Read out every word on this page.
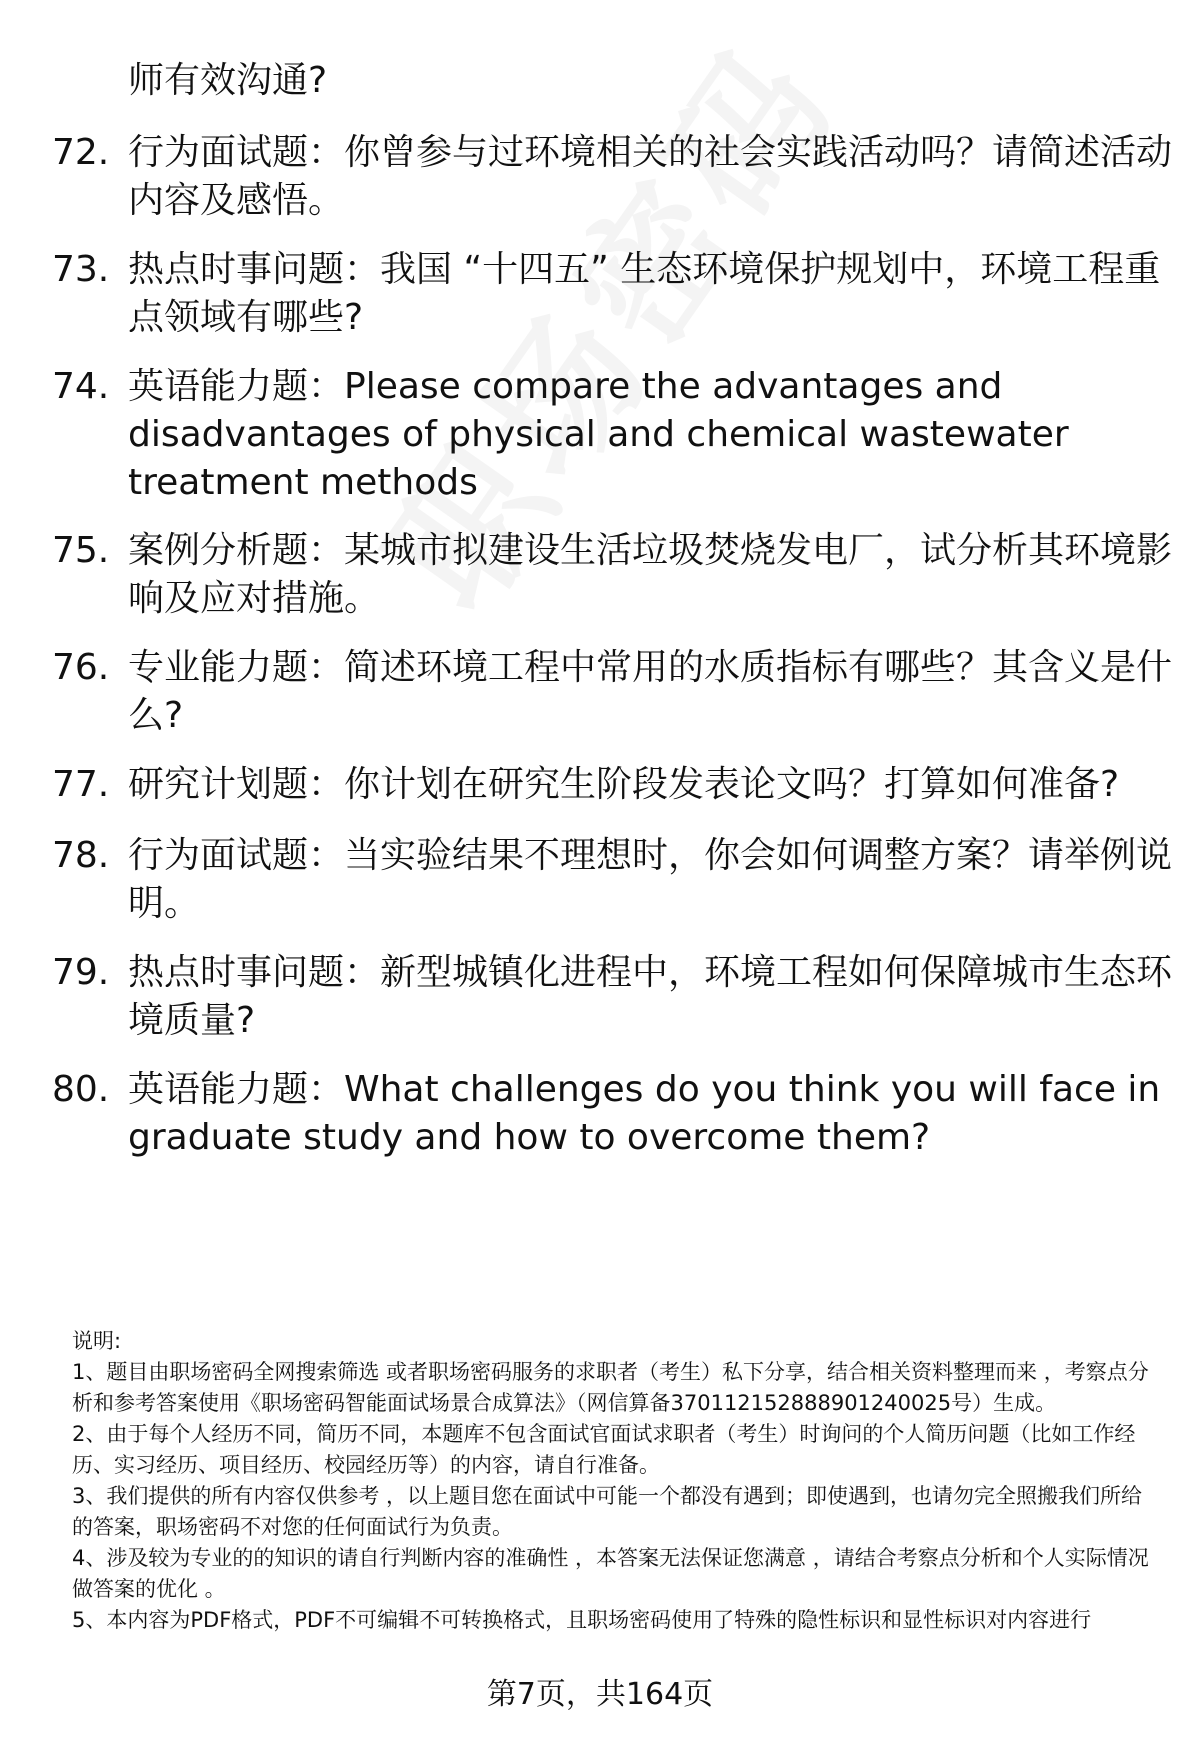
师有效沟通?
72. 行为面试题：你曾参与过环境相关的社会实践活动吗？请简述活动内容及感悟。
73. 热点时事问题：我国 “十四五” 生态环境保护规划中，环境工程重点领域有哪些?
74. 英语能力题：Please compare the advantages and disadvantages of physical and chemical wastewater treatment methods
75. 案例分析题：某城市拟建设生活垃圾焚烧发电厂，试分析其环境影响及应对措施。
76. 专业能力题：简述环境工程中常用的水质指标有哪些？其含义是什么?
77. 研究计划题：你计划在研究生阶段发表论文吗？打算如何准备?
78. 行为面试题：当实验结果不理想时，你会如何调整方案？请举例说明。
79. 热点时事问题：新型城镇化进程中，环境工程如何保障城市生态环境质量?
80. 英语能力题：What challenges do you think you will face in graduate study and how to overcome them?

说明:

1、题目由职场密码全网搜索筛选 或者职场密码服务的求职者（考生）私下分享，结合相关资料整理而来 ，考察点分析和参考答案使用《职场密码智能面试场景合成算法》（网信算备370112152888901240025号）生成。

2、由于每个人经历不同，简历不同，本题库不包含面试官面试求职者（考生）时询问的个人简历问题（比如工作经历、实习经历、项目经历、校园经历等）的内容，请自行准备。

3、我们提供的所有内容仅供参考 ，以上题目您在面试中可能一个都没有遇到；即使遇到，也请勿完全照搬我们所给的答案，职场密码不对您的任何面试行为负责。

4、涉及较为专业的的知识的请自行判断内容的准确性 ，本答案无法保证您满意 ，请结合考察点分析和个人实际情况做答案的优化 。

5、本内容为PDF格式，PDF不可编辑不可转换格式，且职场密码使用了特殊的隐性标识和显性标识对内容进行

第7页，共164页
